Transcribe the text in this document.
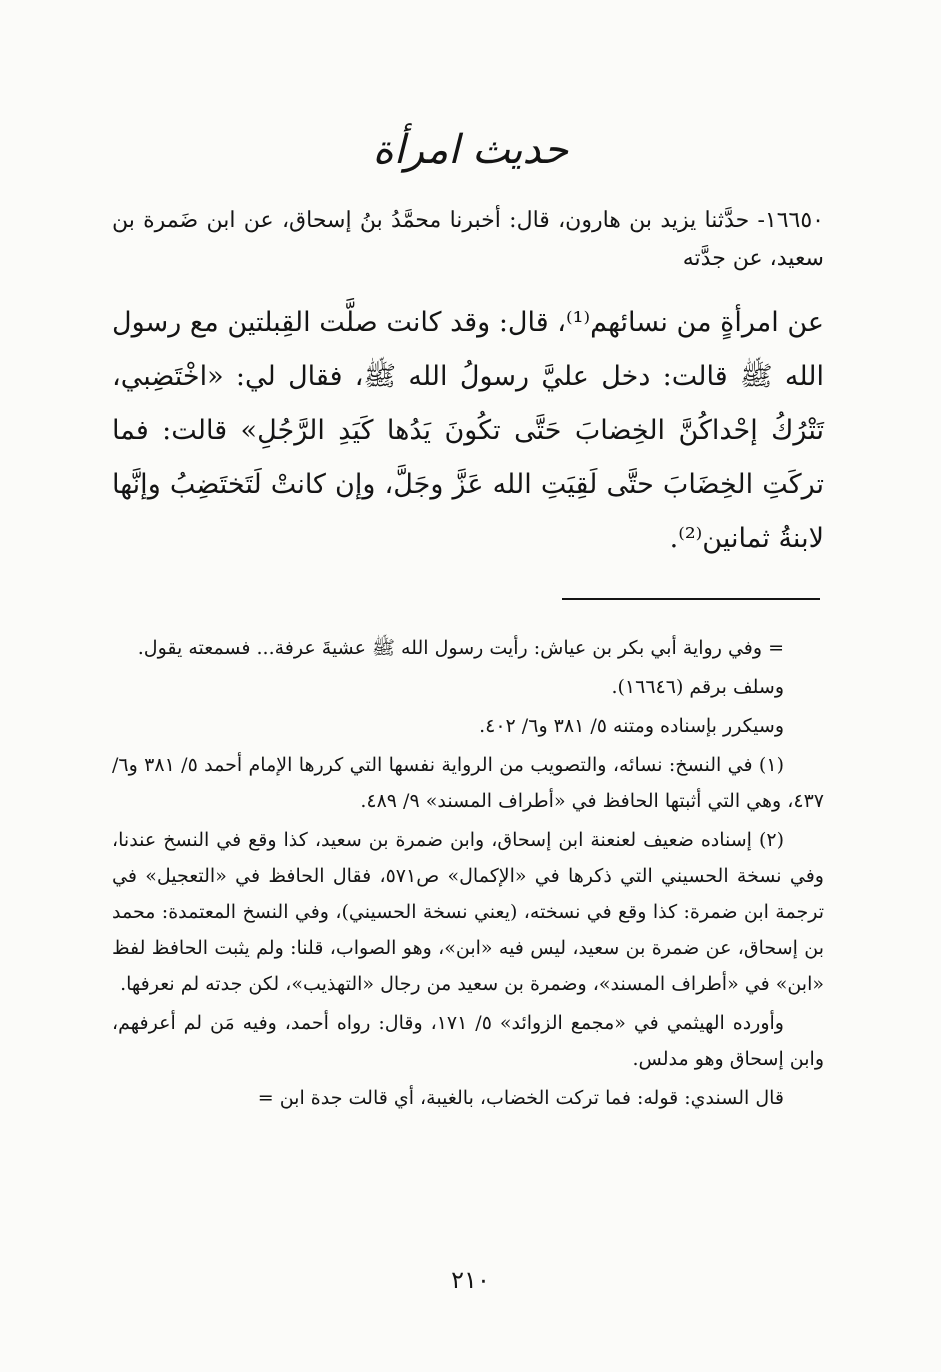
حديث امرأة
١٦٦٥٠- حدَّثنا يزيد بن هارون، قال: أخبرنا محمَّدُ بنُ إسحاق، عن ابن ضَمرة بن سعيد، عن جدَّته
عن امرأةٍ من نسائهم⁽¹⁾، قال: وقد كانت صلَّت القِبلتين مع رسول الله ﷺ قالت: دخل عليَّ رسولُ الله ﷺ، فقال لي: «اخْتَضِبي، تَتْرُكُ إحْداكُنَّ الخِضابَ حَتَّى تكُونَ يَدُها كَيَدِ الرَّجُلِ» قالت: فما تركَتِ الخِضَابَ حتَّى لَقِيَتِ الله عَزَّ وجَلَّ، وإن كانتْ لَتَختَضِبُ وإنَّها لابنةُ ثمانين⁽²⁾.

= وفي رواية أبي بكر بن عياش: رأيت رسول الله ﷺ عشيةَ عرفة... فسمعته يقول.

وسلف برقم (١٦٦٤٦).

وسيكرر بإسناده ومتنه ٥/ ٣٨١ و٦/ ٤٠٢.

(١) في النسخ: نسائه، والتصويب من الرواية نفسها التي كررها الإمام أحمد ٥/ ٣٨١ و٦/ ٤٣٧، وهي التي أثبتها الحافظ في «أطراف المسند» ٩/ ٤٨٩.

(٢) إسناده ضعيف لعنعنة ابن إسحاق، وابن ضمرة بن سعيد، كذا وقع في النسخ عندنا، وفي نسخة الحسيني التي ذكرها في «الإكمال» ص٥٧١، فقال الحافظ في «التعجيل» في ترجمة ابن ضمرة: كذا وقع في نسخته، (يعني نسخة الحسيني)، وفي النسخ المعتمدة: محمد بن إسحاق، عن ضمرة بن سعيد، ليس فيه «ابن»، وهو الصواب، قلنا: ولم يثبت الحافظ لفظ «ابن» في «أطراف المسند»، وضمرة بن سعيد من رجال «التهذيب»، لكن جدته لم نعرفها.

وأورده الهيثمي في «مجمع الزوائد» ٥/ ١٧١، وقال: رواه أحمد، وفيه مَن لم أعرفهم، وابن إسحاق وهو مدلس.

قال السندي: قوله: فما تركت الخضاب، بالغيبة، أي قالت جدة ابن =

٢١٠
